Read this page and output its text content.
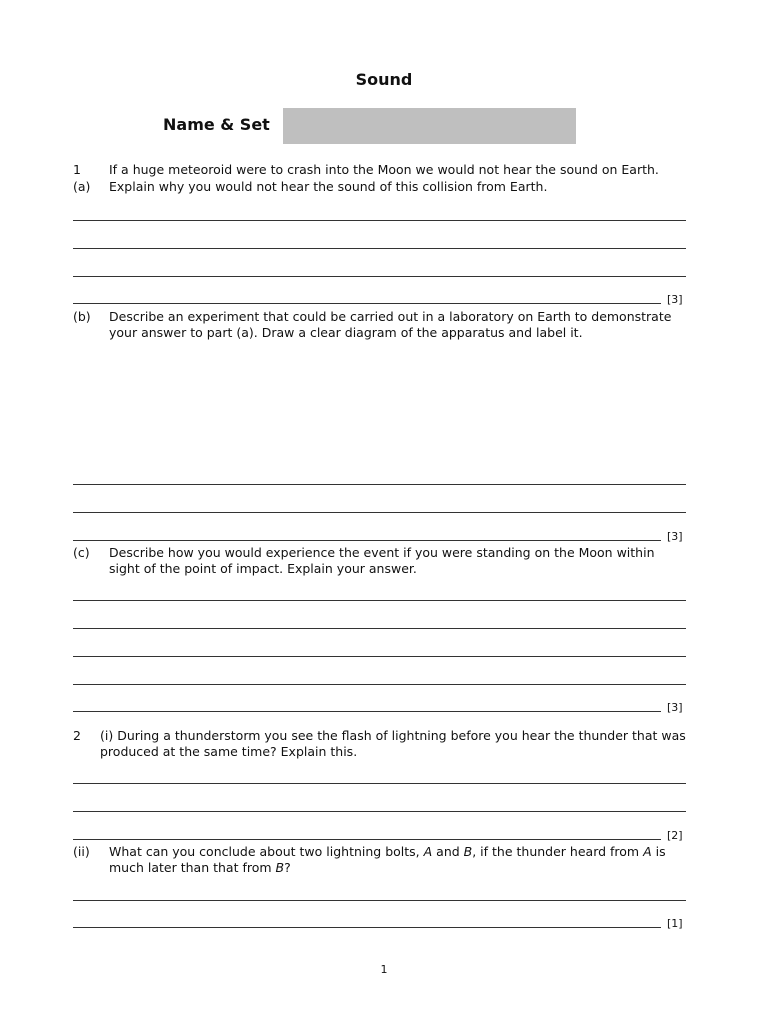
Sound
Name & Set
1 If a huge meteoroid were to crash into the Moon we would not hear the sound on Earth.
(a) Explain why you would not hear the sound of this collision from Earth.
[3]
(b) Describe an experiment that could be carried out in a laboratory on Earth to demonstrate your answer to part (a). Draw a clear diagram of the apparatus and label it.
[3]
(c) Describe how you would experience the event if you were standing on the Moon within sight of the point of impact. Explain your answer.
[3]
2 (i) During a thunderstorm you see the flash of lightning before you hear the thunder that was produced at the same time? Explain this.
[2]
(ii) What can you conclude about two lightning bolts, A and B, if the thunder heard from A is much later than that from B?
[1]
1
